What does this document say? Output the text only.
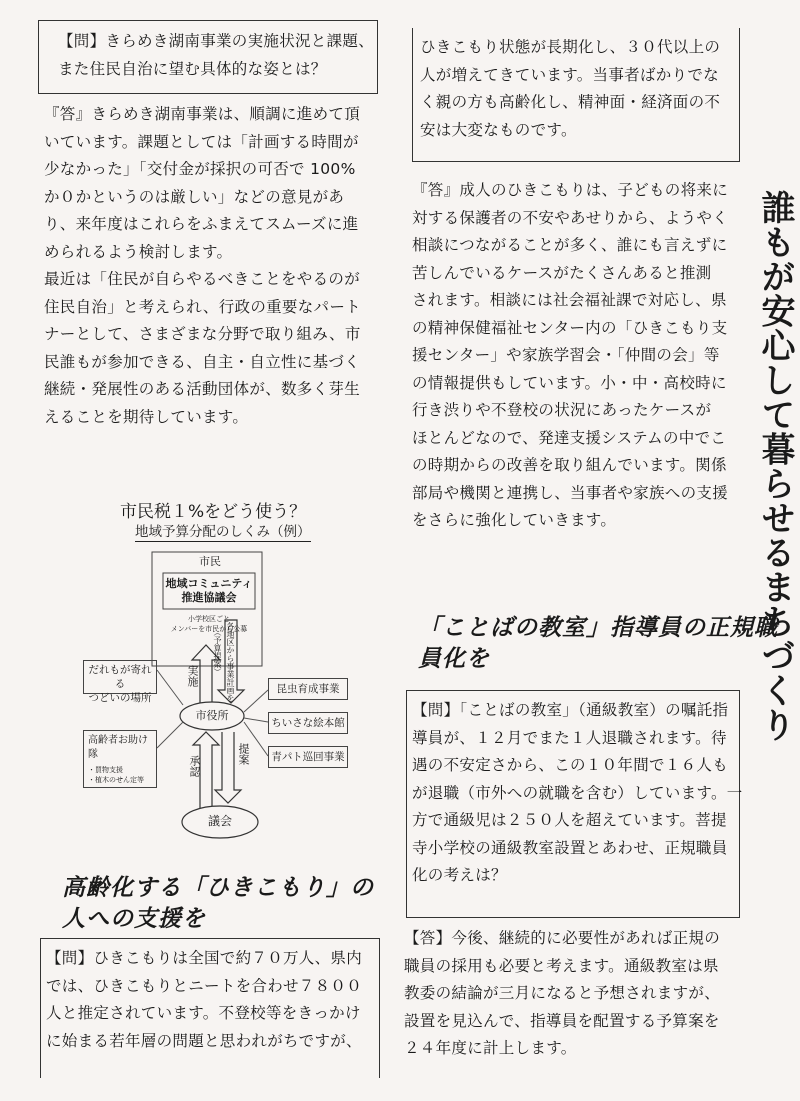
【問】きらめき湖南事業の実施状況と課題、
また住民自治に望む具体的な姿とは？
『答』きらめき湖南事業は、順調に進めて頂
いています。課題としては「計画する時間が
少なかった」「交付金が採択の可否で 100%
か０かというのは厳しい」などの意見があ
り、来年度はこれらをふまえてスムーズに進
められるよう検討します。
最近は「住民が自らやるべきことをやるのが
住民自治」と考えられ、行政の重要なパート
ナーとして、さまざまな分野で取り組み、市
民誰もが参加できる、自主・自立性に基づく
継続・発展性のある活動団体が、数多く芽生
えることを期待しています。
市民税１%をどう使う？
地域予算分配のしくみ（例）
市民
地域コミュニティ
推進協議会
小学校区ごと
メンバーを市民から公募
各地区から事業計画を
（予算提案）
実施
市役所
承認
提案
議会
だれもが寄れる
つどいの場所
高齢者お助け隊
・買物支援
・植木のせん定等
昆虫育成事業
ちいさな絵本館
青パト巡回事業
高齢化する「ひきこもり」の
人への支援を
【問】ひきこもりは全国で約７０万人、県内
では、ひきこもりとニートを合わせ７８００
人と推定されています。不登校等をきっかけ
に始まる若年層の問題と思われがちですが、
ひきこもり状態が長期化し、３０代以上の
人が増えてきています。当事者ばかりでな
く親の方も高齢化し、精神面・経済面の不
安は大変なものです。
『答』成人のひきこもりは、子どもの将来に
対する保護者の不安やあせりから、ようやく
相談につながることが多く、誰にも言えずに
苦しんでいるケースがたくさんあると推測
されます。相談には社会福祉課で対応し、県
の精神保健福祉センター内の「ひきこもり支
援センター」や家族学習会・「仲間の会」等
の情報提供もしています。小・中・高校時に
行き渋りや不登校の状況にあったケースが
ほとんどなので、発達支援システムの中でこ
の時期からの改善を取り組んでいます。関係
部局や機関と連携し、当事者や家族への支援
をさらに強化していきます。
「ことばの教室」指導員の正規職
員化を
【問】「ことばの教室」（通級教室）の嘱託指
導員が、１２月でまた１人退職されます。待
遇の不安定さから、この１０年間で１６人も
が退職（市外への就職を含む）しています。一
方で通級児は２５０人を超えています。菩提
寺小学校の通級教室設置とあわせ、正規職員
化の考えは？
【答】今後、継続的に必要性があれば正規の
職員の採用も必要と考えます。通級教室は県
教委の結論が三月になると予想されますが、
設置を見込んで、指導員を配置する予算案を
２４年度に計上します。
誰もが安心して暮らせるまちづくり
